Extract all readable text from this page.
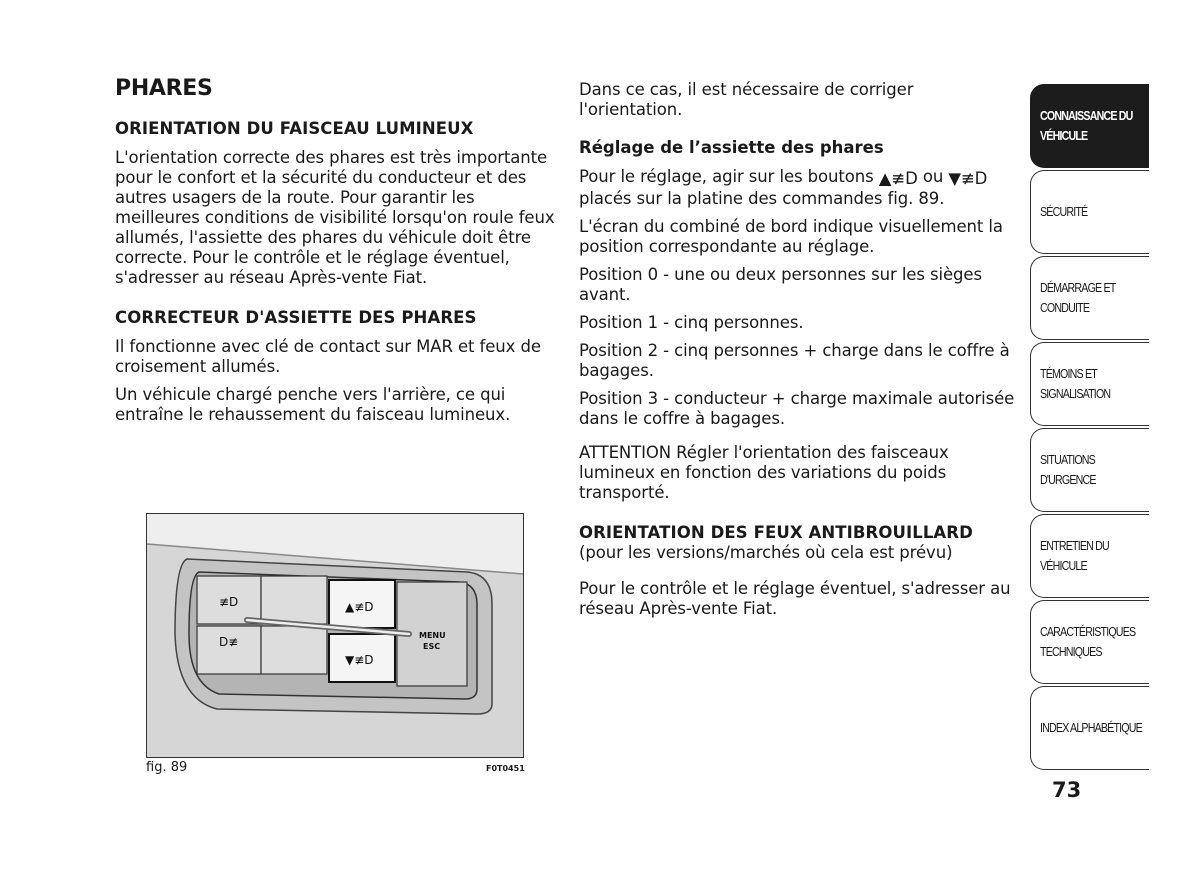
PHARES
ORIENTATION DU FAISCEAU LUMINEUX

L'orientation correcte des phares est très importante pour le confort et la sécurité du conducteur et des autres usagers de la route. Pour garantir les meilleures conditions de visibilité lorsqu'on roule feux allumés, l'assiette des phares du véhicule doit être correcte. Pour le contrôle et le réglage éventuel, s'adresser au réseau Après-vente Fiat.

CORRECTEUR D'ASSIETTE DES PHARES

Il fonctionne avec clé de contact sur MAR et feux de croisement allumés.

Un véhicule chargé penche vers l'arrière, ce qui entraîne le rehaussement du faisceau lumineux.

≢D
D≢
▲≢D
▼≢D
MENU
ESC
fig. 89	F0T0451

Dans ce cas, il est nécessaire de corriger l'orientation.

Réglage de l’assiette des phares

Pour le réglage, agir sur les boutons ▲≢D ou ▼≢D placés sur la platine des commandes fig. 89.

L'écran du combiné de bord indique visuellement la position correspondante au réglage.

Position 0 - une ou deux personnes sur les sièges avant.

Position 1 - cinq personnes.

Position 2 - cinq personnes + charge dans le coffre à bagages.

Position 3 - conducteur + charge maximale autorisée dans le coffre à bagages.

ATTENTION Régler l'orientation des faisceaux lumineux en fonction des variations du poids transporté.

ORIENTATION DES FEUX ANTIBROUILLARD

(pour les versions/marchés où cela est prévu)

Pour le contrôle et le réglage éventuel, s'adresser au réseau Après-vente Fiat.

CONNAISSANCE DU VÉHICULE
SÉCURITÉ
DÉMARRAGE ET CONDUITE
TÉMOINS ET SIGNALISATION
SITUATIONS D'URGENCE
ENTRETIEN DU VÉHICULE
CARACTÉRISTIQUES TECHNIQUES
INDEX ALPHABÉTIQUE
73
